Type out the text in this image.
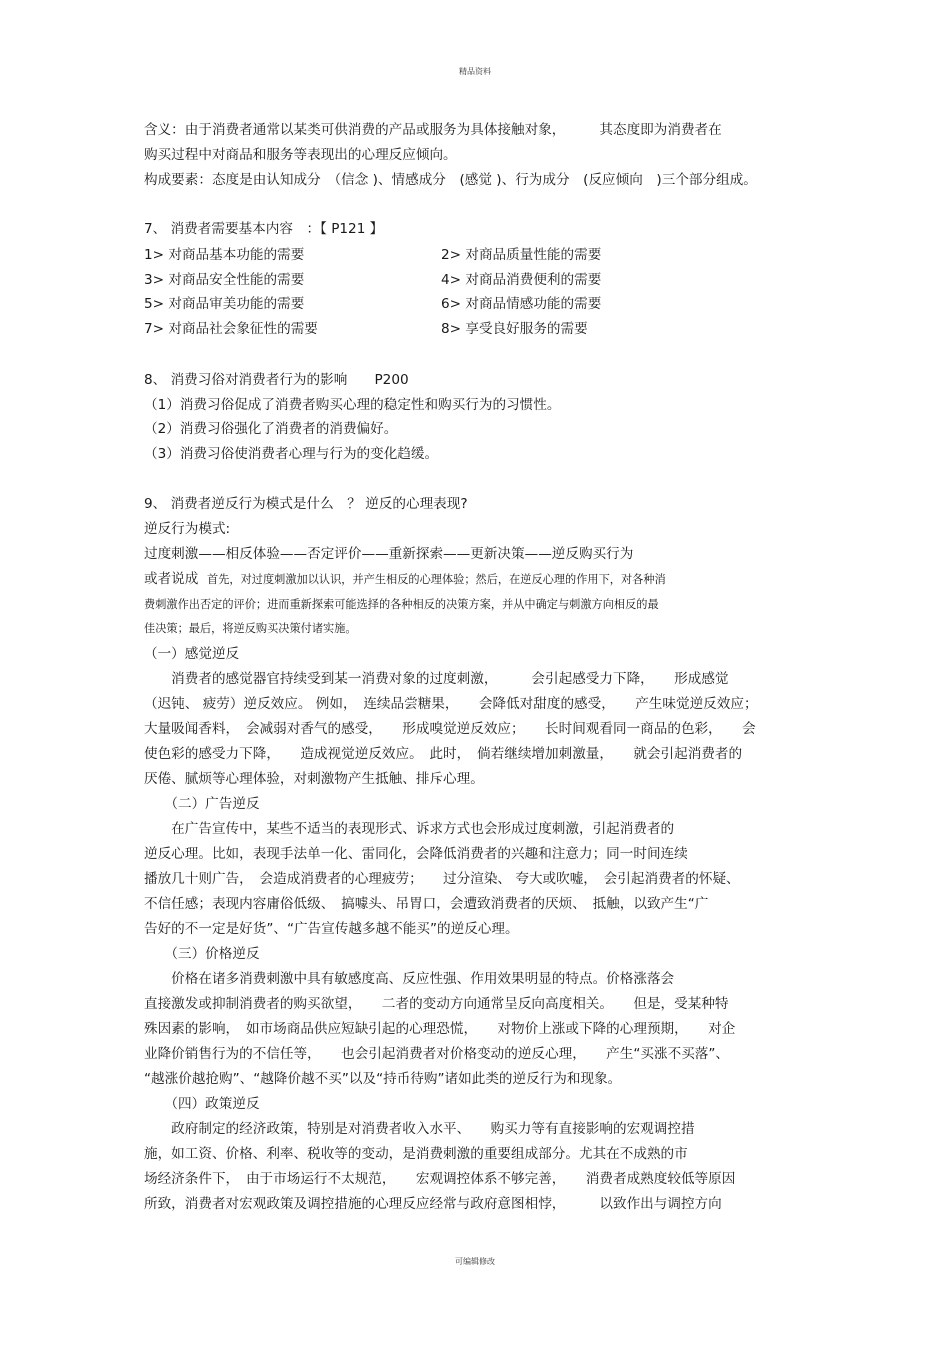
精品资料
含义：由于消费者通常以某类可供消费的产品或服务为具体接触对象，　　　其态度即为消费者在
购买过程中对商品和服务等表现出的心理反应倾向。
构成要素：态度是由认知成分　（信念 )、情感成分　(感觉 )、行为成分　(反应倾向　)三个部分组成。
7、 消费者需要基本内容　：【 P121 】
1> 对商品基本功能的需要	2> 对商品质量性能的需要
3> 对商品安全性能的需要	4> 对商品消费便利的需要
5> 对商品审美功能的需要	6> 对商品情感功能的需要
7> 对商品社会象征性的需要	8> 享受良好服务的需要
8、 消费习俗对消费者行为的影响　　P200
（1）消费习俗促成了消费者购买心理的稳定性和购买行为的习惯性。
（2）消费习俗强化了消费者的消费偏好。
（3）消费习俗使消费者心理与行为的变化趋缓。
9、 消费者逆反行为模式是什么　？ 逆反的心理表现?
逆反行为模式:
过度刺激——相反体验——否定评价——重新探索——更新决策——逆反购买行为
或者说成 首先，对过度刺激加以认识，并产生相反的心理体验；然后，在逆反心理的作用下，对各种消
费刺激作出否定的评价；进而重新探索可能选择的各种相反的决策方案，并从中确定与刺激方向相反的最
佳决策；最后，将逆反购买决策付诸实施。
（一）感觉逆反
　　消费者的感觉器官持续受到某一消费对象的过度刺激，　　　会引起感受力下降，　　形成感觉
（迟钝、 疲劳）逆反效应。 例如，　连续品尝糖果，　　会降低对甜度的感受，　　产生味觉逆反效应；
大量吸闻香料，　会减弱对香气的感受，　　形成嗅觉逆反效应；　　长时间观看同一商品的色彩，　　会
使色彩的感受力下降，　　造成视觉逆反效应。　此时，　倘若继续增加刺激量，　　就会引起消费者的
厌倦、腻烦等心理体验，对刺激物产生抵触、排斥心理。
　　（二）广告逆反
　　在广告宣传中，某些不适当的表现形式、诉求方式也会形成过度刺激，引起消费者的
逆反心理。比如，表现手法单一化、雷同化，会降低消费者的兴趣和注意力；同一时间连续
播放几十则广告，　会造成消费者的心理疲劳；　　过分渲染、 夸大或吹嘘，　会引起消费者的怀疑、
不信任感；表现内容庸俗低级、　搞噱头、吊胃口，会遭致消费者的厌烦、　抵触，以致产生“广
告好的不一定是好货”、“广告宣传越多越不能买”的逆反心理。
　　（三）价格逆反
　　价格在诸多消费刺激中具有敏感度高、反应性强、作用效果明显的特点。价格涨落会
直接激发或抑制消费者的购买欲望，　　二者的变动方向通常呈反向高度相关。　　但是，受某种特
殊因素的影响，　如市场商品供应短缺引起的心理恐慌，　　对物价上涨或下降的心理预期，　　对企
业降价销售行为的不信任等，　　也会引起消费者对价格变动的逆反心理，　　产生“买涨不买落”、
“越涨价越抢购”、“越降价越不买”以及“持币待购”诸如此类的逆反行为和现象。
　　（四）政策逆反
　　政府制定的经济政策，特别是对消费者收入水平、　　购买力等有直接影响的宏观调控措
施，如工资、价格、利率、税收等的变动，是消费刺激的重要组成部分。尤其在不成熟的市
场经济条件下，　由于市场运行不太规范，　　宏观调控体系不够完善，　　消费者成熟度较低等原因
所致，消费者对宏观政策及调控措施的心理反应经常与政府意图相悖，　　　以致作出与调控方向
可编辑修改
